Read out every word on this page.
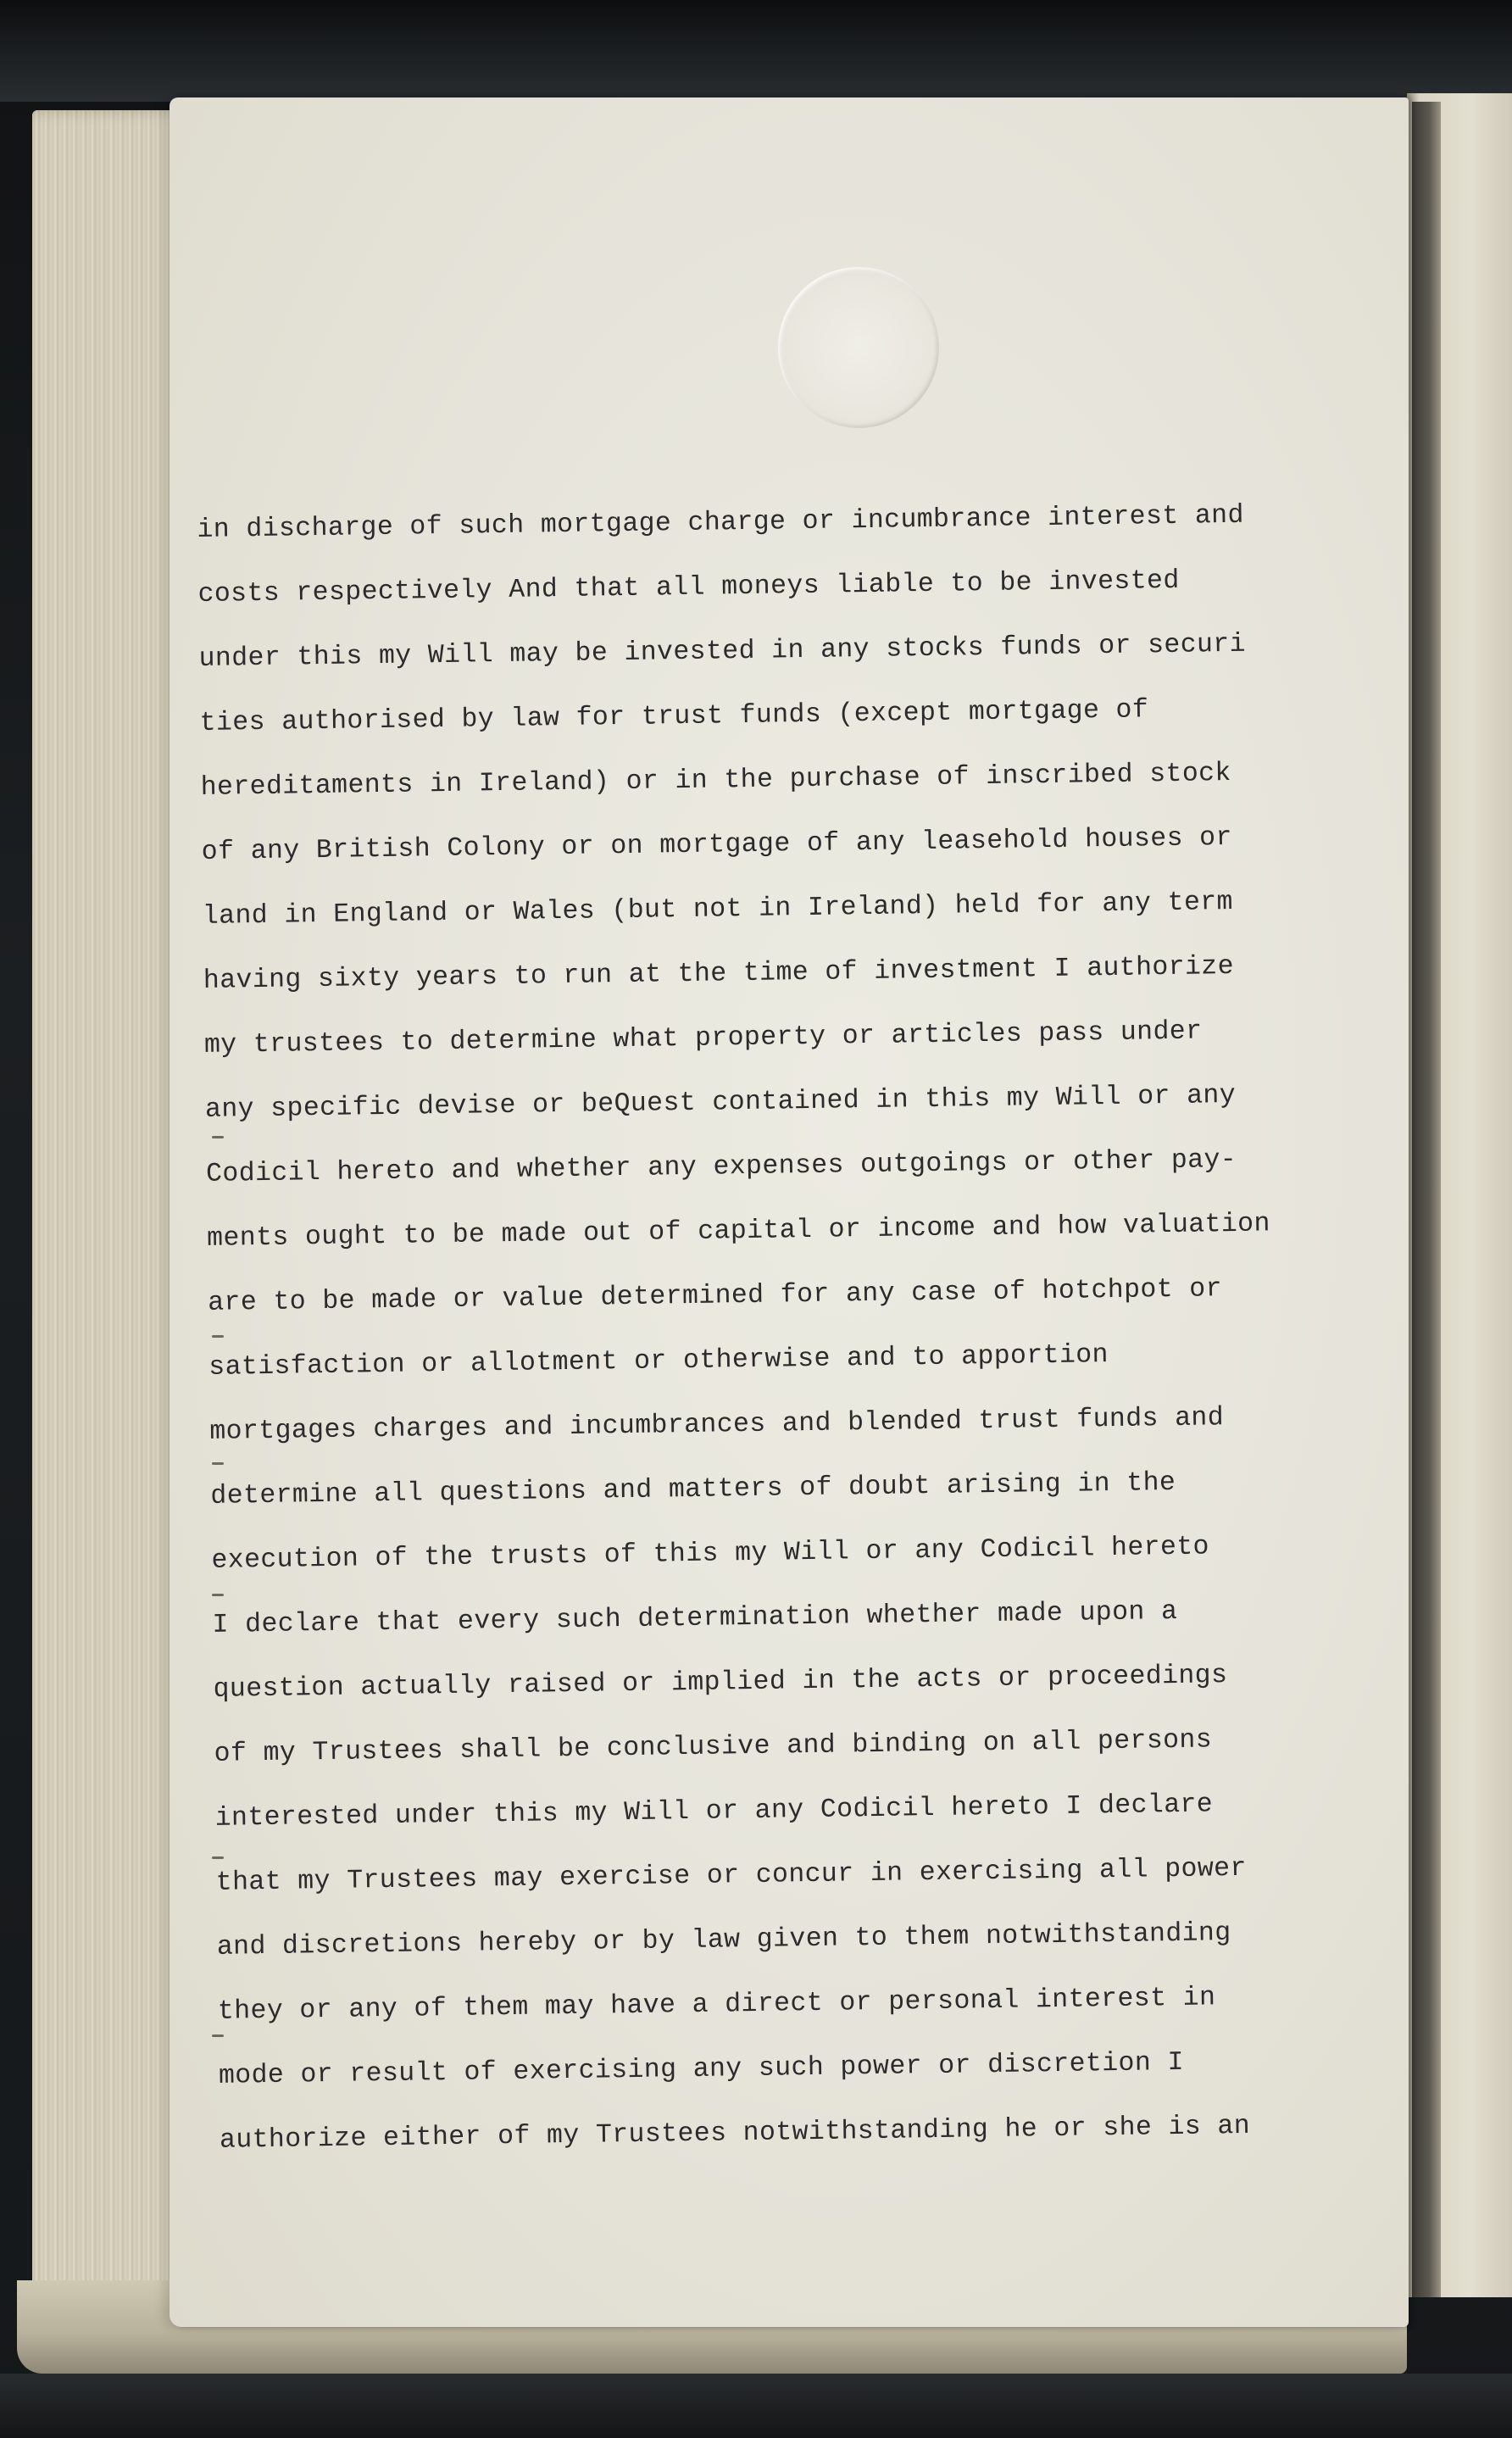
in discharge of such mortgage charge or incumbrance interest and
costs respectively And that all moneys liable to be invested
under this my Will may be invested in any stocks funds or securi
ties authorised by law for trust funds (except mortgage of
hereditaments in Ireland) or in the purchase of inscribed stock
of any British Colony or on mortgage of any leasehold houses or
land in England or Wales (but not in Ireland) held for any term
having sixty years to run at the time of investment I authorize
my trustees to determine what property or articles pass under
any specific devise or beQuest contained in this my Will or any
Codicil hereto and whether any expenses outgoings or other pay-
ments ought to be made out of capital or income and how valuation
are to be made or value determined for any case of hotchpot or
satisfaction or allotment or otherwise and to apportion
mortgages charges and incumbrances and blended trust funds and
determine all questions and matters of doubt arising in the
execution of the trusts of this my Will or any Codicil hereto
I declare that every such determination whether made upon a
question actually raised or implied in the acts or proceedings
of my Trustees shall be conclusive and binding on all persons
interested under this my Will or any Codicil hereto I declare
that my Trustees may exercise or concur in exercising all power
and discretions hereby or by law given to them notwithstanding
they or any of them may have a direct or personal interest in
mode or result of exercising any such power or discretion I
authorize either of my Trustees notwithstanding he or she is an
